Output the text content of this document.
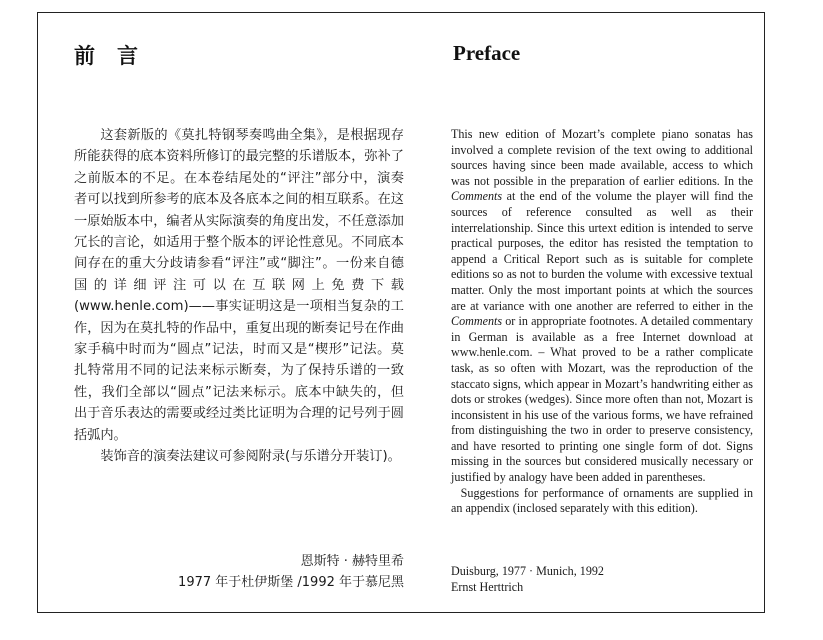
前言

这套新版的《莫扎特钢琴奏鸣曲全集》，是根据现存所能获得的底本资料所修订的最完整的乐谱版本，弥补了之前版本的不足。在本卷结尾处的“评注”部分中，演奏者可以找到所参考的底本及各底本之间的相互联系。在这一原始版本中，编者从实际演奏的角度出发，不任意添加冗长的言论，如适用于整个版本的评论性意见。不同底本间存在的重大分歧请参看“评注”或“脚注”。一份来自德国的详细评注可以在互联网上免费下载(www.henle.com)——事实证明这是一项相当复杂的工作，因为在莫扎特的作品中，重复出现的断奏记号在作曲家手稿中时而为“圆点”记法，时而又是“楔形”记法。莫扎特常用不同的记法来标示断奏，为了保持乐谱的一致性，我们全部以“圆点”记法来标示。底本中缺失的，但出于音乐表达的需要或经过类比证明为合理的记号列于圆括弧内。

装饰音的演奏法建议可参阅附录(与乐谱分开装订)。

恩斯特 · 赫特里希
1977 年于杜伊斯堡 /1992 年于慕尼黑
Preface

This new edition of Mozart’s complete piano sonatas has involved a complete revision of the text owing to additional sources having since been made available, access to which was not possible in the preparation of earlier editions. In the Comments at the end of the volume the player will find the sources of reference consulted as well as their interrelationship. Since this urtext edition is intended to serve practical purposes, the editor has resisted the temptation to append a Critical Report such as is suitable for complete editions so as not to burden the volume with excessive textual matter. Only the most important points at which the sources are at variance with one another are referred to either in the Comments or in appropriate footnotes. A detailed commentary in German is available as a free Internet download at www.henle.com. – What proved to be a rather complicate task, as so often with Mozart, was the reproduction of the staccato signs, which appear in Mozart’s handwriting either as dots or strokes (wedges). Since more often than not, Mozart is inconsistent in his use of the various forms, we have refrained from distinguishing the two in order to preserve consistency, and have resorted to printing one single form of dot. Signs missing in the sources but considered musically necessary or justified by analogy have been added in parentheses.

Suggestions for performance of ornaments are supplied in an appendix (inclosed separately with this edition).

Duisburg, 1977 · Munich, 1992
Ernst Herttrich
